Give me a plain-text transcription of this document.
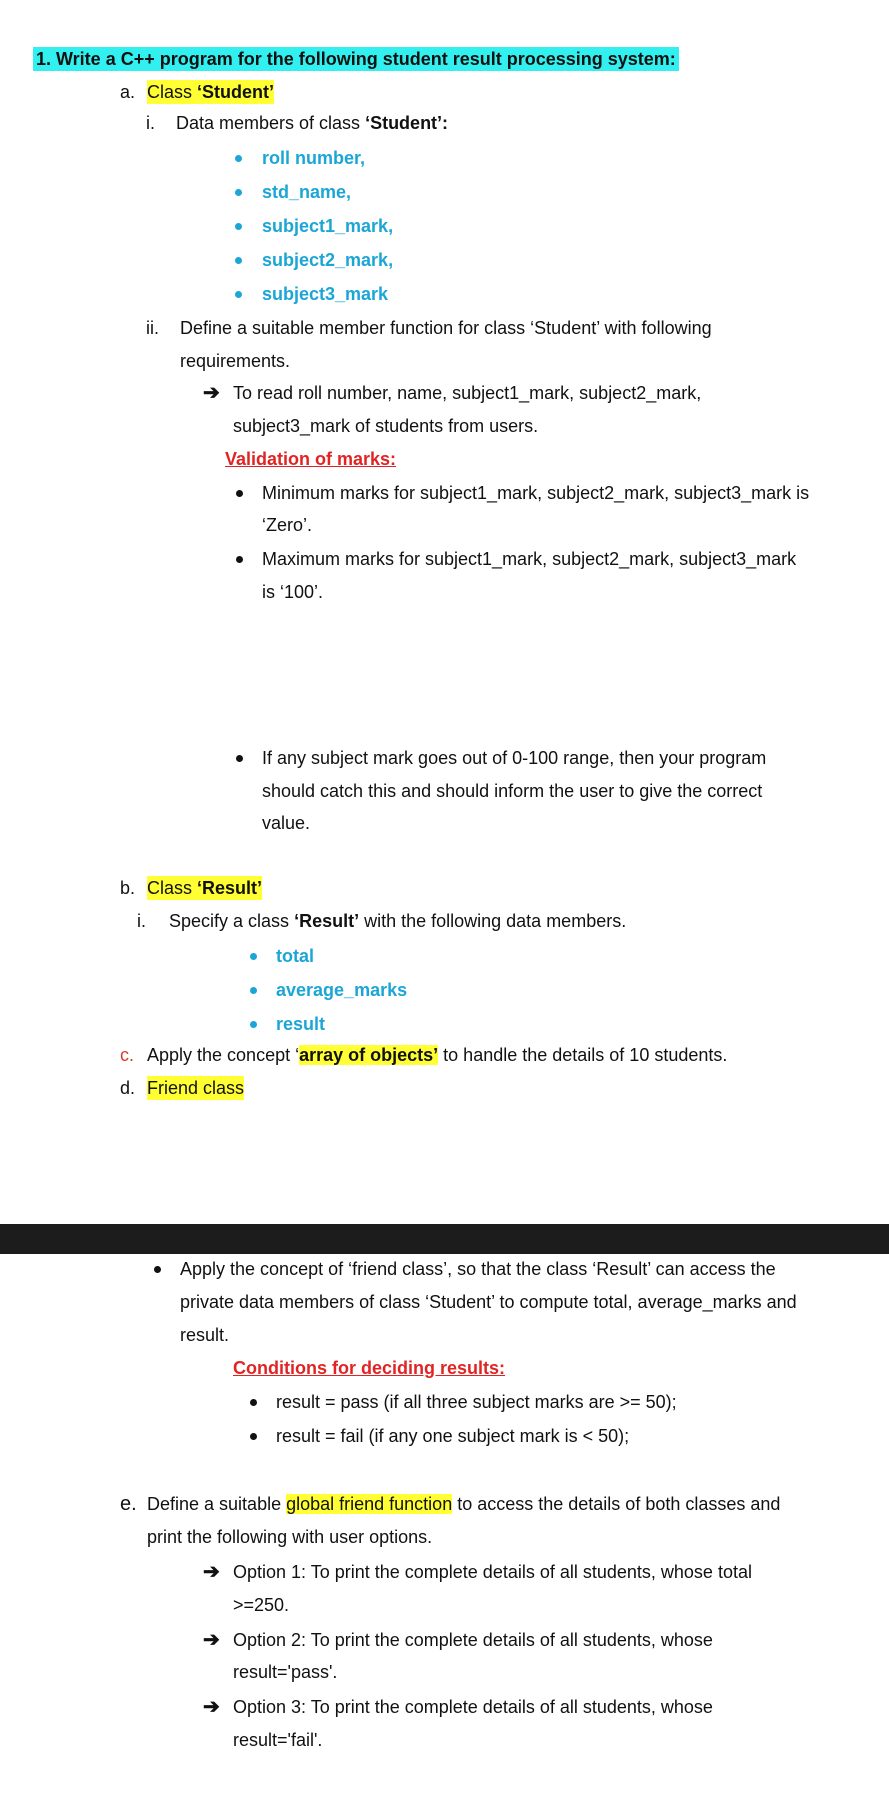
1. Write a C++ program for the following student result processing system:
a. Class ‘Student’
i. Data members of class ‘Student’:
roll number,
std_name,
subject1_mark,
subject2_mark,
subject3_mark
ii. Define a suitable member function for class ‘Student’ with following
requirements.
➔ To read roll number, name, subject1_mark, subject2_mark,
subject3_mark of students from users.
Validation of marks:
Minimum marks for subject1_mark, subject2_mark, subject3_mark is
‘Zero’.
Maximum marks for subject1_mark, subject2_mark, subject3_mark
is ‘100’.
If any subject mark goes out of 0-100 range, then your program
should catch this and should inform the user to give the correct
value.
b. Class ‘Result’
i. Specify a class ‘Result’ with the following data members.
total
average_marks
result
c. Apply the concept ‘array of objects’ to handle the details of 10 students.
d. Friend class
Apply the concept of ‘friend class’, so that the class ‘Result’ can access the
private data members of class ‘Student’ to compute total, average_marks and
result.
Conditions for deciding results:
result = pass (if all three subject marks are >= 50);
result = fail (if any one subject mark is < 50);
e. Define a suitable global friend function to access the details of both classes and
print the following with user options.
➔ Option 1: To print the complete details of all students, whose total
>=250.
➔ Option 2: To print the complete details of all students, whose
result='pass'.
➔ Option 3: To print the complete details of all students, whose
result='fail'.
